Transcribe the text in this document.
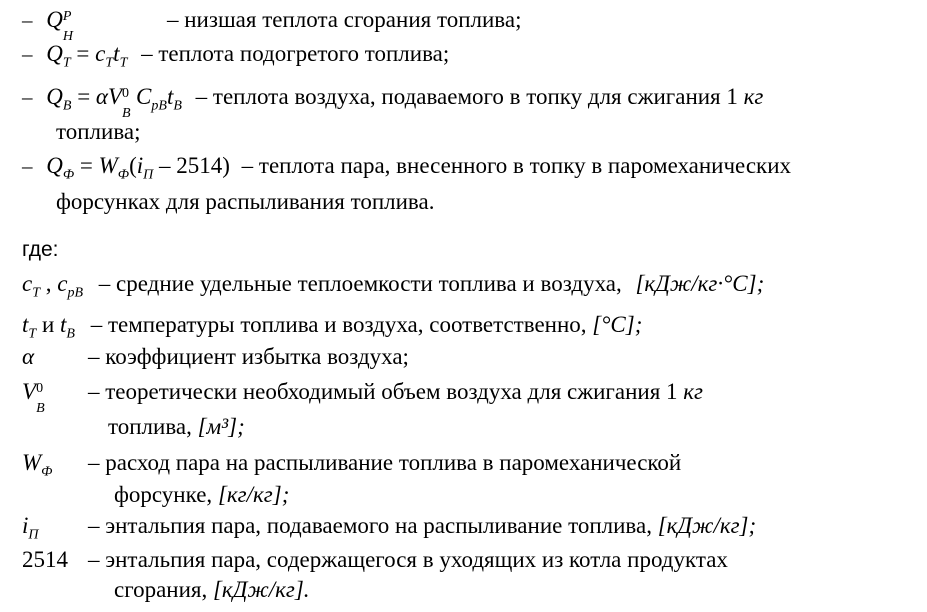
– Q P
H
– низшая теплота сгорания топлива;
– $Q_T = c_Tt_T$ – теплота подогретого топлива;
– $Q_B = \alpha V$ 0
B
$C_{pB}t_B$ – теплота воздуха, подаваемого в топку для сжигания 1 кг
топлива;
– $Q_Ф = W_Ф(i_П - 2514)$ – теплота пара, внесенного в топку в паромеханических
форсунках для распыливания топлива.
где:
$c_T$ , $c_{pB}$ – средние удельные теплоемкости топлива и воздуха, [кДж/кг·°С];
$t_T$ и $t_B$ – температуры топлива и воздуха, соответственно, [°С];
α – коэффициент избытка воздуха;
V 0
B
– теоретически необходимый объем воздуха для сжигания 1 кг
топлива, [м³];
$W_Ф$ – расход пара на распыливание топлива в паромеханической
форсунке, [кг/кг];
$i_П$ – энтальпия пара, подаваемого на распыливание топлива, [кДж/кг];
2514 – энтальпия пара, содержащегося в уходящих из котла продуктах
сгорания, [кДж/кг].
